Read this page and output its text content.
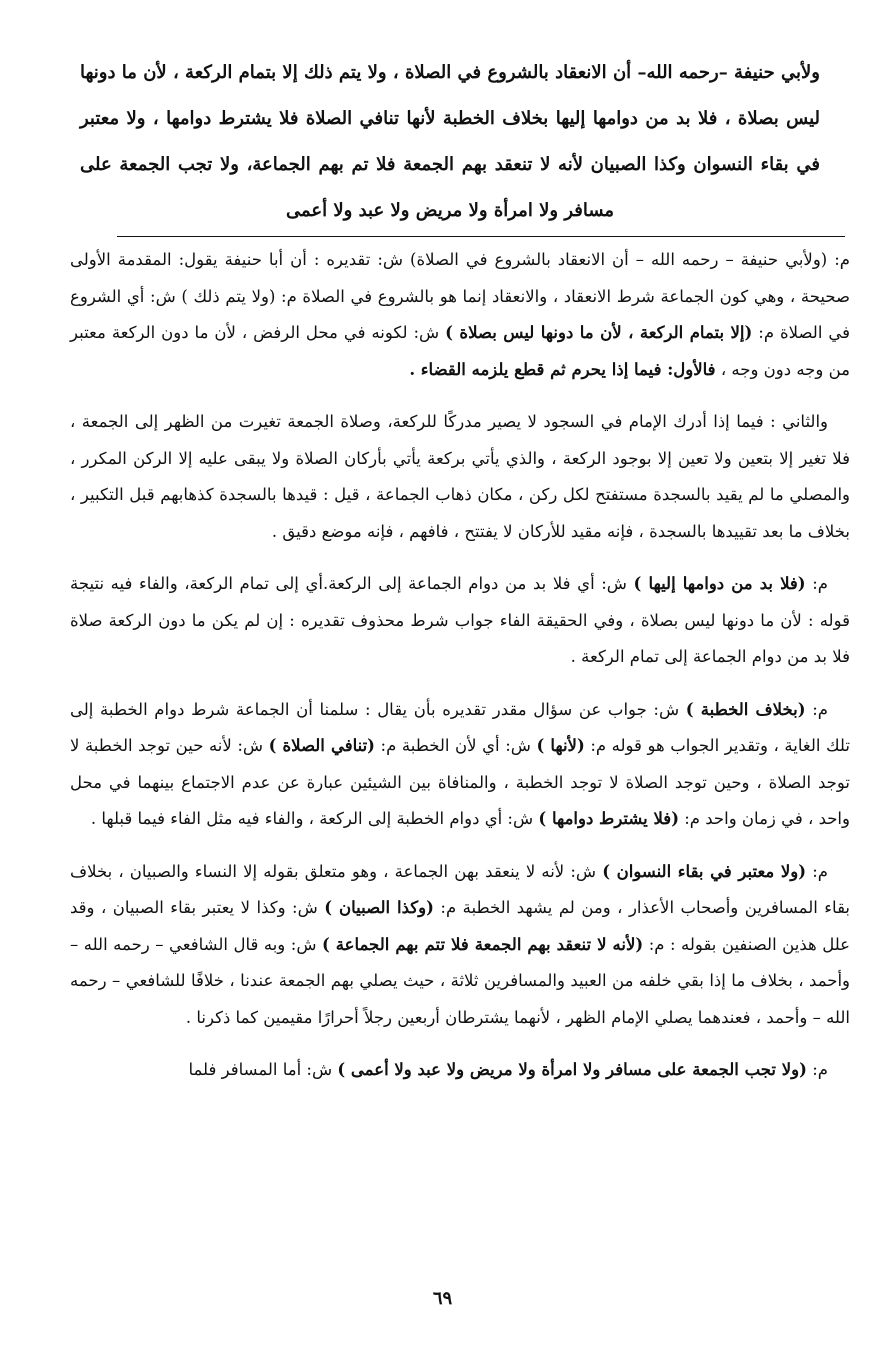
ولأبي حنيفة –رحمه الله– أن الانعقاد بالشروع في الصلاة ، ولا يتم ذلك إلا بتمام الركعة ، لأن ما دونها ليس بصلاة ، فلا بد من دوامها إليها بخلاف الخطبة لأنها تنافي الصلاة فلا يشترط دوامها ، ولا معتبر في بقاء النسوان وكذا الصبيان لأنه لا تنعقد بهم الجمعة فلا تم بهم الجماعة، ولا تجب الجمعة على مسافر ولا امرأة ولا مريض ولا عبد ولا أعمى

م: (ولأبي حنيفة – رحمه الله – أن الانعقاد بالشروع في الصلاة) ش: تقديره : أن أبا حنيفة يقول: المقدمة الأولى صحيحة ، وهي كون الجماعة شرط الانعقاد ، والانعقاد إنما هو بالشروع في الصلاة م: (ولا يتم ذلك ) ش: أي الشروع في الصلاة م: (إلا بتمام الركعة ، لأن ما دونها ليس بصلاة ) ش: لكونه في محل الرفض ، لأن ما دون الركعة معتبر من وجه دون وجه ، فالأول: فيما إذا يحرم ثم قطع يلزمه القضاء .

والثاني : فيما إذا أدرك الإمام في السجود لا يصير مدركًا للركعة، وصلاة الجمعة تغيرت من الظهر إلى الجمعة ، فلا تغير إلا بتعين ولا تعين إلا بوجود الركعة ، والذي يأتي بركعة يأتي بأركان الصلاة ولا يبقى عليه إلا الركن المكرر ، والمصلي ما لم يقيد بالسجدة مستفتح لكل ركن ، مكان ذهاب الجماعة ، قيل : قيدها بالسجدة كذهابهم قبل التكبير ، بخلاف ما بعد تقييدها بالسجدة ، فإنه مقيد للأركان لا يفتتح ، فافهم ، فإنه موضع دقيق .

م: (فلا بد من دوامها إليها ) ش: أي فلا بد من دوام الجماعة إلى الركعة.أي إلى تمام الركعة، والفاء فيه نتيجة قوله : لأن ما دونها ليس بصلاة ، وفي الحقيقة الفاء جواب شرط محذوف تقديره : إن لم يكن ما دون الركعة صلاة فلا بد من دوام الجماعة إلى تمام الركعة .

م: (بخلاف الخطبة ) ش: جواب عن سؤال مقدر تقديره بأن يقال : سلمنا أن الجماعة شرط دوام الخطبة إلى تلك الغاية ، وتقدير الجواب هو قوله م: (لأنها ) ش: أي لأن الخطبة م: (تنافي الصلاة ) ش: لأنه حين توجد الخطبة لا توجد الصلاة ، وحين توجد الصلاة لا توجد الخطبة ، والمنافاة بين الشيئين عبارة عن عدم الاجتماع بينهما في محل واحد ، في زمان واحد م: (فلا يشترط دوامها ) ش: أي دوام الخطبة إلى الركعة ، والفاء فيه مثل الفاء فيما قبلها .

م: (ولا معتبر في بقاء النسوان ) ش: لأنه لا ينعقد بهن الجماعة ، وهو متعلق بقوله إلا النساء والصبيان ، بخلاف بقاء المسافرين وأصحاب الأعذار ، ومن لم يشهد الخطبة م: (وكذا الصبيان ) ش: وكذا لا يعتبر بقاء الصبيان ، وقد علل هذين الصنفين بقوله : م: (لأنه لا تنعقد بهم الجمعة فلا تتم بهم الجماعة ) ش: وبه قال الشافعي – رحمه الله – وأحمد ، بخلاف ما إذا بقي خلفه من العبيد والمسافرين ثلاثة ، حيث يصلي بهم الجمعة عندنا ، خلافًا للشافعي – رحمه الله – وأحمد ، فعندهما يصلي الإمام الظهر ، لأنهما يشترطان أربعين رجلاً أحرارًا مقيمين كما ذكرنا .

م: (ولا تجب الجمعة على مسافر ولا امرأة ولا مريض ولا عبد ولا أعمى ) ش: أما المسافر فلما

٦٩
